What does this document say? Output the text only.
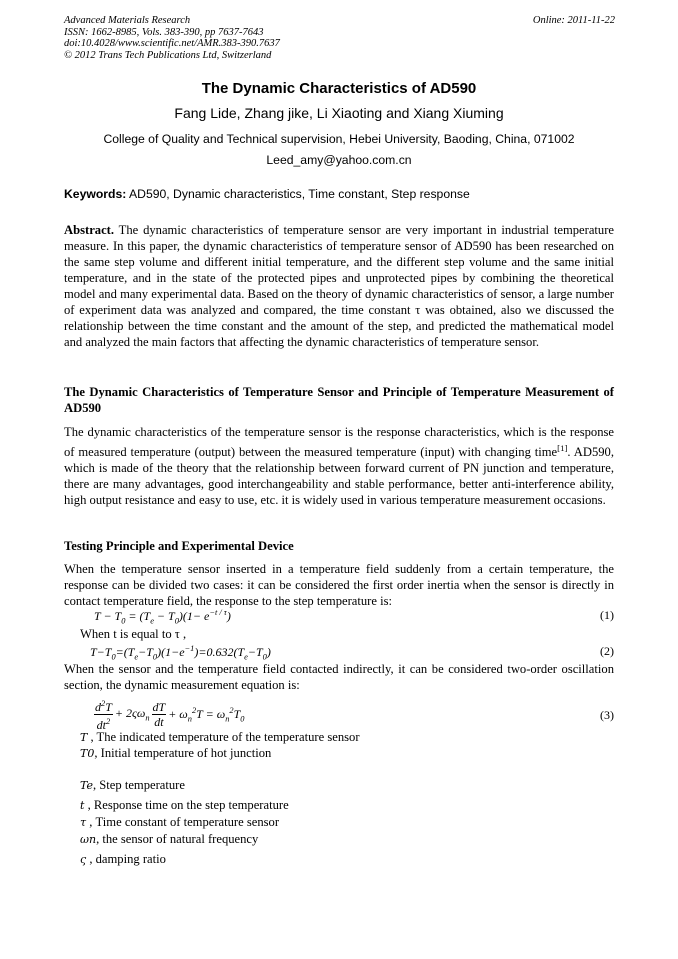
Advanced Materials Research
ISSN: 1662-8985, Vols. 383-390, pp 7637-7643
doi:10.4028/www.scientific.net/AMR.383-390.7637
© 2012 Trans Tech Publications Ltd, Switzerland
Online: 2011-11-22
The Dynamic Characteristics of AD590
Fang Lide, Zhang jike, Li Xiaoting and Xiang Xiuming
College of Quality and Technical supervision, Hebei University, Baoding, China, 071002
Leed_amy@yahoo.com.cn
Keywords: AD590, Dynamic characteristics, Time constant, Step response
Abstract. The dynamic characteristics of temperature sensor are very important in industrial temperature measure. In this paper, the dynamic characteristics of temperature sensor of AD590 has been researched on the same step volume and different initial temperature, and the different step volume and the same initial temperature, and in the state of the protected pipes and unprotected pipes by combining the theoretical model and many experimental data. Based on the theory of dynamic characteristics of sensor, a large number of experiment data was analyzed and compared, the time constant τ was obtained, also we discussed the relationship between the time constant and the amount of the step, and predicted the mathematical model and analyzed the main factors that affecting the dynamic characteristics of temperature sensor.
The Dynamic Characteristics of Temperature Sensor and Principle of Temperature Measurement of AD590
The dynamic characteristics of the temperature sensor is the response characteristics, which is the response of measured temperature (output) between the measured temperature (input) with changing time[1]. AD590, which is made of the theory that the relationship between forward current of PN junction and temperature, there are many advantages, good interchangeability and stable performance, better anti-interference ability, high output resistance and easy to use, etc. it is widely used in various temperature measurement occasions.
Testing Principle and Experimental Device
When the temperature sensor inserted in a temperature field suddenly from a certain temperature, the response can be divided two cases: it can be considered the first order inertia when the sensor is directly in contact temperature field, the response to the step temperature is:
$T - T_0 = (T_e - T_0)(1- e^{-t / \tau})$	(1)
When t is equal to τ ,
$T-T_0=(T_e-T_0)(1-e^{-1})=0.632(T_e-T_0)$	(2)
When the sensor and the temperature field contacted indirectly, it can be considered two-order oscillation section, the dynamic measurement equation is:
$\frac{d^2T}{dt^2} + 2\varsigma\omega_n \frac{dT}{dt} + \omega_n^2T = \omega_n^2T_0$	(3)
T , The indicated temperature of the temperature sensor
T0, Initial temperature of hot junction
Te, Step temperature
t , Response time on the step temperature
τ , Time constant of temperature sensor
ωn, the sensor of natural frequency
ς , damping ratio
